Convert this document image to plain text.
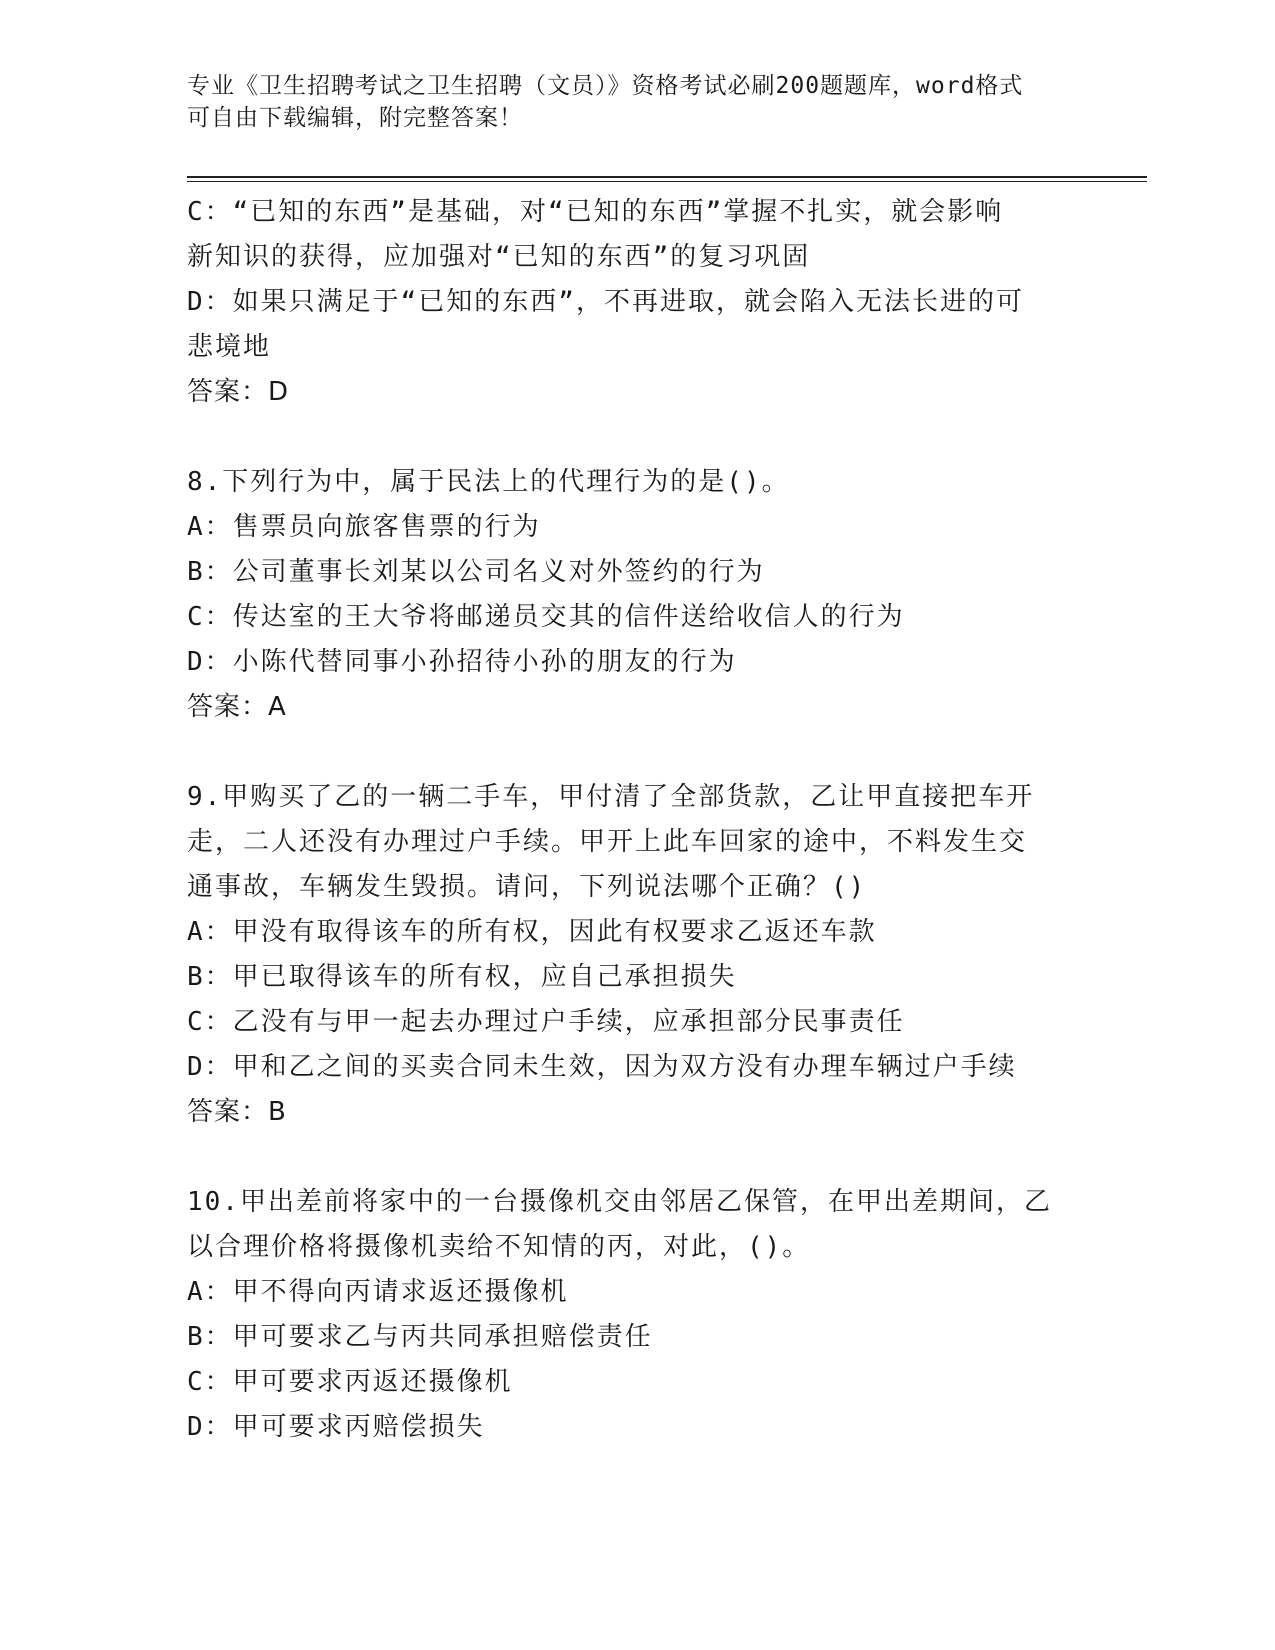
专业《卫生招聘考试之卫生招聘（文员）》资格考试必刷200题题库，word格式
可自由下载编辑，附完整答案！
C：“已知的东西”是基础，对“已知的东西”掌握不扎实，就会影响
新知识的获得，应加强对“已知的东西”的复习巩固
D：如果只满足于“已知的东西”，不再进取，就会陷入无法长进的可
悲境地
答案：D
8.下列行为中，属于民法上的代理行为的是()。
A：售票员向旅客售票的行为
B：公司董事长刘某以公司名义对外签约的行为
C：传达室的王大爷将邮递员交其的信件送给收信人的行为
D：小陈代替同事小孙招待小孙的朋友的行为
答案：A
9.甲购买了乙的一辆二手车，甲付清了全部货款，乙让甲直接把车开
走，二人还没有办理过户手续。甲开上此车回家的途中，不料发生交
通事故，车辆发生毁损。请问，下列说法哪个正确？()
A：甲没有取得该车的所有权，因此有权要求乙返还车款
B：甲已取得该车的所有权，应自己承担损失
C：乙没有与甲一起去办理过户手续，应承担部分民事责任
D：甲和乙之间的买卖合同未生效，因为双方没有办理车辆过户手续
答案：B
10.甲出差前将家中的一台摄像机交由邻居乙保管，在甲出差期间，乙
以合理价格将摄像机卖给不知情的丙，对此，()。
A：甲不得向丙请求返还摄像机
B：甲可要求乙与丙共同承担赔偿责任
C：甲可要求丙返还摄像机
D：甲可要求丙赔偿损失
